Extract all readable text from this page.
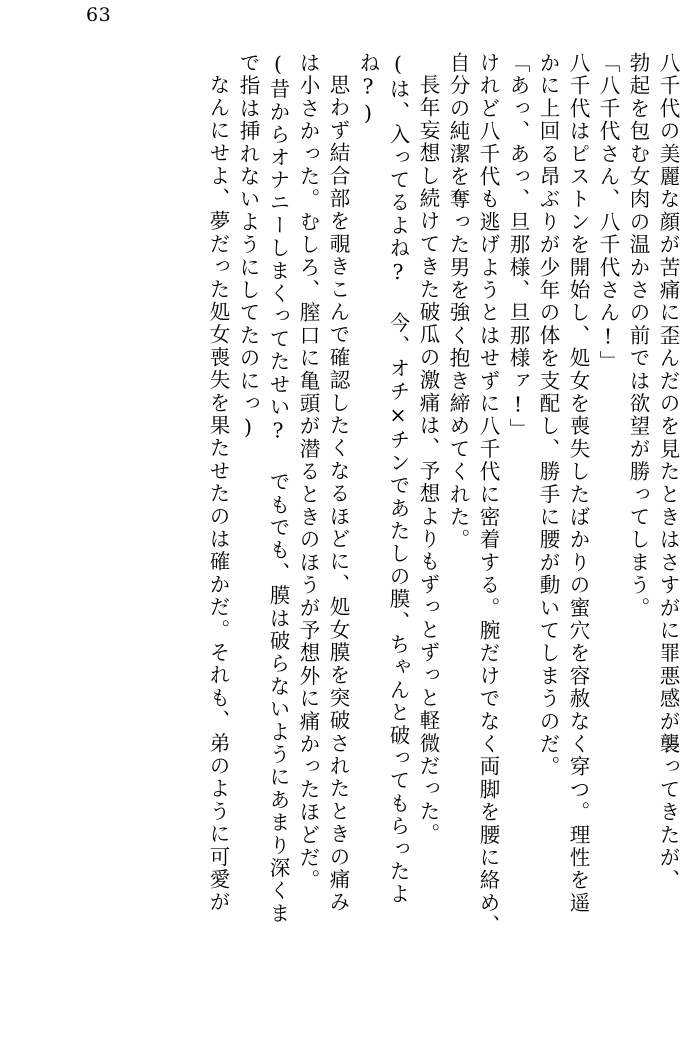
63
八千代の美麗な顔が苦痛に歪んだのを見たときはさすがに罪悪感が襲ってきたが、
勃起を包む女肉の温かさの前では欲望が勝ってしまう。
「八千代さん、八千代さん!」
八千代はピストンを開始し、処女を喪失したばかりの蜜穴を容赦なく穿つ。理性を遥
かに上回る昂ぶりが少年の体を支配し、勝手に腰が動いてしまうのだ。
「あっ、あっ、旦那様、旦那様ァ!」
けれど八千代も逃げようとはせずに八千代に密着する。腕だけでなく両脚を腰に絡め、
自分の純潔を奪った男を強く抱き締めてくれた。
長年妄想し続けてきた破瓜の激痛は、予想よりもずっとずっと軽微だった。
(は、入ってるよね? 今、オチ×チンであたしの膜、ちゃんと破ってもらったよ
ね?)
思わず結合部を覗きこんで確認したくなるほどに、処女膜を突破されたときの痛み
は小さかった。むしろ、膣口に亀頭が潜るときのほうが予想外に痛かったほどだ。
(昔からオナニーしまくってたせい? でもでも、膜は破らないようにあまり深くま
で指は挿れないようにしてたのにっ)
なんにせよ、夢だった処女喪失を果たせたのは確かだ。それも、弟のように可愛が
